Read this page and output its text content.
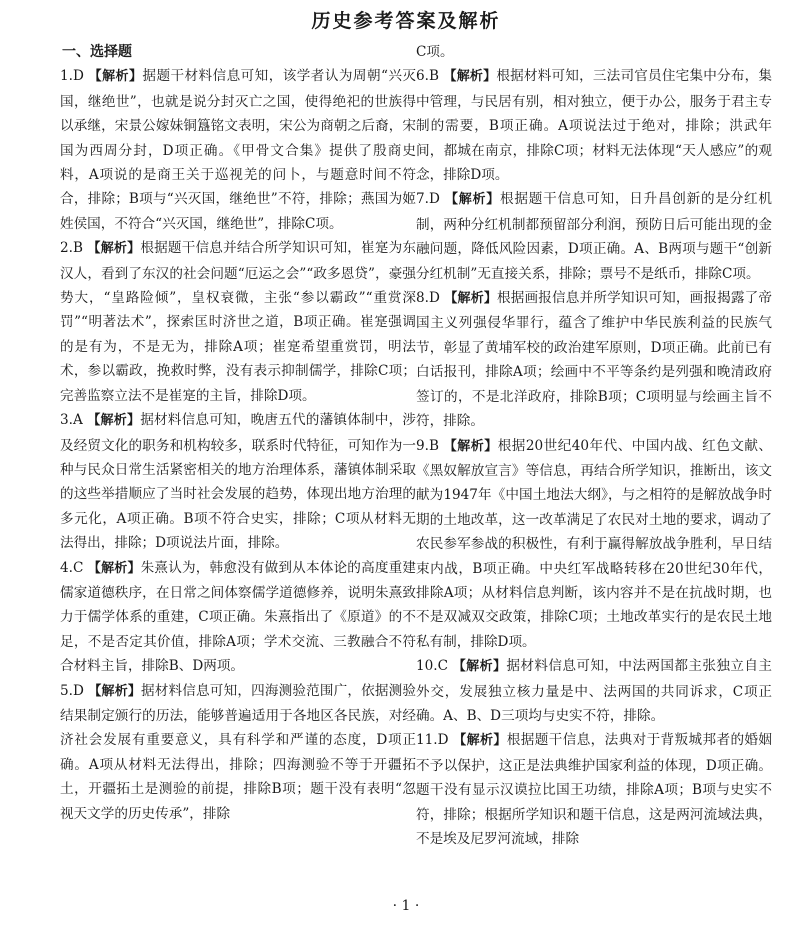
历史参考答案及解析

一、选择题

1.D 【解析】据题干材料信息可知，该学者认为周朝“兴灭国，继绝世”，也就是说分封灭亡之国，使得绝祀的世族得以承继，宋景公嫁妹铜簋铭文表明，宋公为商朝之后裔，宋国为西周分封，D项正确。《甲骨文合集》提供了殷商史料，A项说的是商王关于巡视羌的问卜，与题意时间不符合，排除；B项与“兴灭国，继绝世”不符，排除；燕国为姬姓侯国，不符合“兴灭国，继绝世”，排除C项。

2.B 【解析】根据题干信息并结合所学知识可知，崔寔为东汉人，看到了东汉的社会问题“厄运之会”“政多恩贷”，豪强势大，“皇路险倾”，皇权衰微，主张“参以霸政”“重赏深罚”“明著法术”，探索匡时济世之道，B项正确。崔寔强调的是有为，不是无为，排除A项；崔寔希望重赏罚，明法术，参以霸政，挽救时弊，没有表示抑制儒学，排除C项；完善监察立法不是崔寔的主旨，排除D项。

3.A 【解析】据材料信息可知，晚唐五代的藩镇体制中，涉及经贸文化的职务和机构较多，联系时代特征，可知作为一种与民众日常生活紧密相关的地方治理体系，藩镇体制采取的这些举措顺应了当时社会发展的趋势，体现出地方治理的多元化，A项正确。B项不符合史实，排除；C项从材料无法得出，排除；D项说法片面，排除。

4.C 【解析】朱熹认为，韩愈没有做到从本体论的高度重建儒家道德秩序，在日常之间体察儒学道德修养，说明朱熹致力于儒学体系的重建，C项正确。朱熹指出了《原道》的不足，不是否定其价值，排除A项；学术交流、三教融合不符合材料主旨，排除B、D两项。

5.D 【解析】据材料信息可知，四海测验范围广，依据测验结果制定颁行的历法，能够普遍适用于各地区各民族，对经济社会发展有重要意义，具有科学和严谨的态度，D项正确。A项从材料无法得出，排除；四海测验不等于开疆拓土，开疆拓土是测验的前提，排除B项；题干没有表明“忽视天文学的历史传承”，排除

C项。

6.B 【解析】根据材料可知，三法司官员住宅集中分布，集中管理，与民居有别，相对独立，便于办公，服务于君主专制的需要，B项正确。A项说法过于绝对，排除；洪武年间，都城在南京，排除C项；材料无法体现“天人感应”的观念，排除D项。

7.D 【解析】根据题干信息可知，日升昌创新的是分红机制，两种分红机制都预留部分利润，预防日后可能出现的金融问题，降低风险因素，D项正确。A、B两项与题干“创新分红机制”无直接关系，排除；票号不是纸币，排除C项。

8.D 【解析】根据画报信息并所学知识可知，画报揭露了帝国主义列强侵华罪行，蕴含了维护中华民族利益的民族气节，彰显了黄埔军校的政治建军原则，D项正确。此前已有白话报刊，排除A项；绘画中不平等条约是列强和晚清政府签订的，不是北洋政府，排除B项；C项明显与绘画主旨不符，排除。

9.B 【解析】根据20世纪40年代、中国内战、红色文献、《黑奴解放宣言》等信息，再结合所学知识，推断出，该文献为1947年《中国土地法大纲》，与之相符的是解放战争时期的土地改革，这一改革满足了农民对土地的要求，调动了农民参军参战的积极性，有利于赢得解放战争胜利，早日结束内战，B项正确。中央红军战略转移在20世纪30年代，排除A项；从材料信息判断，该内容并不是在抗战时期，也不是双减双交政策，排除C项；土地改革实行的是农民土地私有制，排除D项。

10.C 【解析】据材料信息可知，中法两国都主张独立自主外交，发展独立核力量是中、法两国的共同诉求，C项正确。A、B、D三项均与史实不符，排除。

11.D 【解析】根据题干信息，法典对于背叛城邦者的婚姻不予以保护，这正是法典维护国家利益的体现，D项正确。题干没有显示汉谟拉比国王功绩，排除A项；B项与史实不符，排除；根据所学知识和题干信息，这是两河流域法典，不是埃及尼罗河流域，排除

· 1 ·
